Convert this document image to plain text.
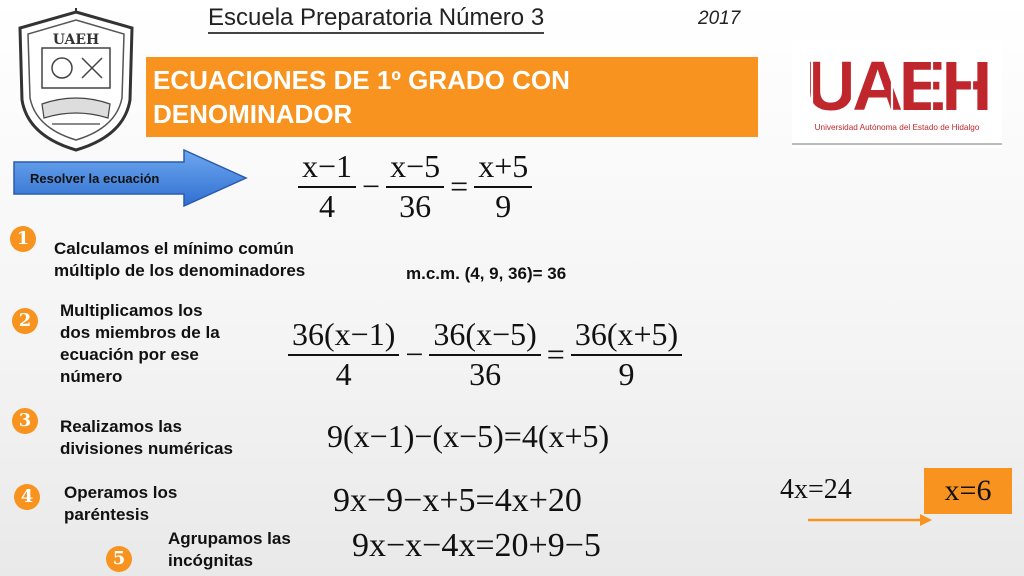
UAEH
Escuela Preparatoria Número 3	2017
ECUACIONES DE 1º GRADO CON
DENOMINADOR	UAEH
Universidad Autónoma del Estado de Hidalgo
Resolver la ecuación	$\frac{x-1}{4} - \frac{x-5}{36} = \frac{x+5}{9}$
1	Calculamos el mínimo común
múltiplo de los denominadores	m.c.m. (4, 9, 36)= 36
2	Multiplicamos los
dos miembros de la
ecuación por ese
número	$\frac{36(x-1)}{4} - \frac{36(x-5)}{36} = \frac{36(x+5)}{9}$
3	Realizamos las
divisiones numéricas	9(x−1)−(x−5)=4(x+5)
4	Operamos los
paréntesis	9x−9−x+5=4x+20
5
Agrupamos las
incógnitas	9x−x−4x=20+9−5
4x=24	x=6
